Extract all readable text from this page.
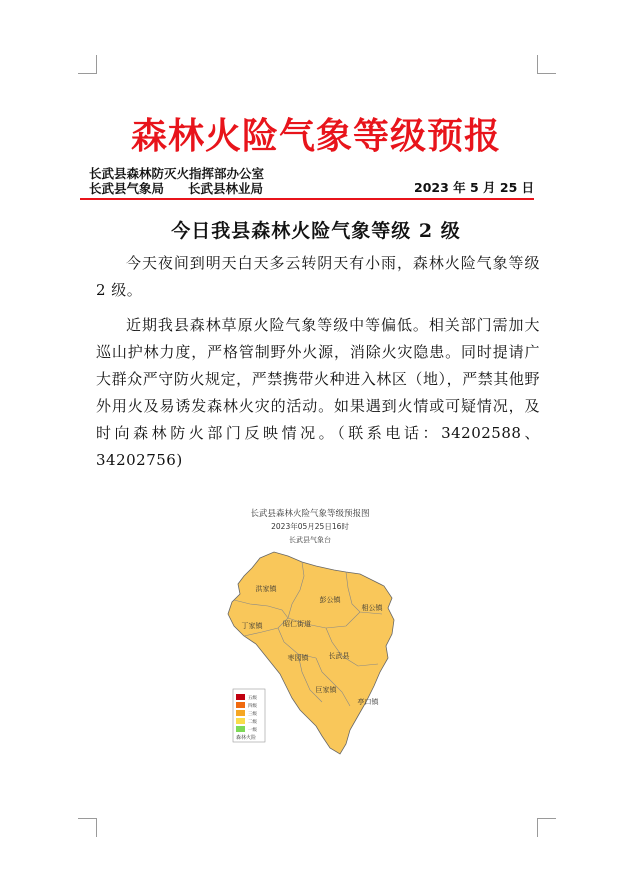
森林火险气象等级预报
长武县森林防灭火指挥部办公室
长武县气象局 长武县林业局	2023 年 5 月 25 日
今日我县森林火险气象等级 2 级
今天夜间到明天白天多云转阴天有小雨，森林火险气象等级 2 级。
近期我县森林草原火险气象等级中等偏低。相关部门需加大巡山护林力度，严格管制野外火源，消除火灾隐患。同时提请广大群众严守防火规定，严禁携带火种进入林区（地），严禁其他野外用火及易诱发森林火灾的活动。如果遇到火情或可疑情况，及时向森林防火部门反映情况。（联系电话：34202588、34202756)
长武县森林火险气象等级预报图
2023年05月25日16时
长武县气象台
洪家镇
彭公镇
相公镇
丁家镇	昭仁街道
枣园镇	长武县
巨家镇
亭口镇
五级
四级
三级
二级
一级
森林火险
